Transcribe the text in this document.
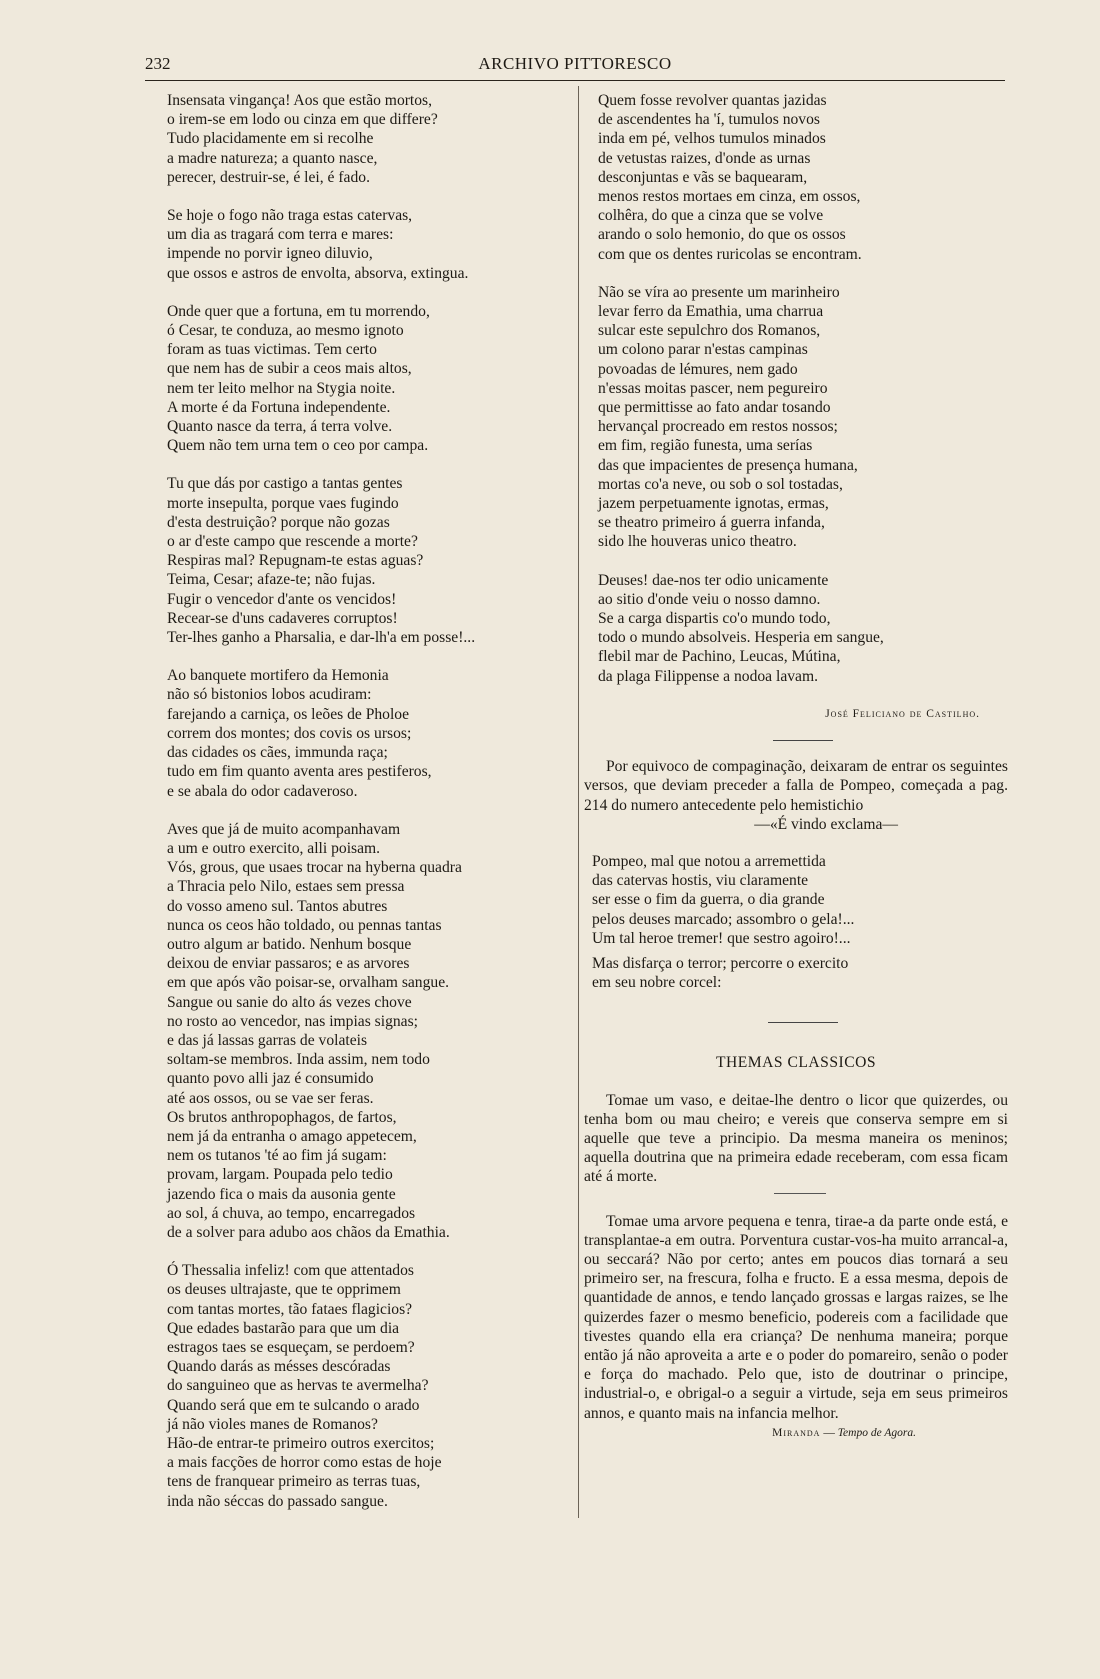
232	ARCHIVO PITTORESCO
Insensata vingança! Aos que estão mortos,
o irem-se em lodo ou cinza em que differe?
Tudo placidamente em si recolhe
a madre natureza; a quanto nasce,
perecer, destruir-se, é lei, é fado.
Se hoje o fogo não traga estas catervas,
um dia as tragará com terra e mares:
impende no porvir igneo diluvio,
que ossos e astros de envolta, absorva, extingua.
Onde quer que a fortuna, em tu morrendo,
ó Cesar, te conduza, ao mesmo ignoto
foram as tuas victimas. Tem certo
que nem has de subir a ceos mais altos,
nem ter leito melhor na Stygia noite.
A morte é da Fortuna independente.
Quanto nasce da terra, á terra volve.
Quem não tem urna tem o ceo por campa.
Tu que dás por castigo a tantas gentes
morte insepulta, porque vaes fugindo
d'esta destruição? porque não gozas
o ar d'este campo que rescende a morte?
Respiras mal? Repugnam-te estas aguas?
Teima, Cesar; afaze-te; não fujas.
Fugir o vencedor d'ante os vencidos!
Recear-se d'uns cadaveres corruptos!
Ter-lhes ganho a Pharsalia, e dar-lh'a em posse!...
Ao banquete mortifero da Hemonia
não só bistonios lobos acudiram:
farejando a carniça, os leões de Pholoe
correm dos montes; dos covis os ursos;
das cidades os cães, immunda raça;
tudo em fim quanto aventa ares pestiferos,
e se abala do odor cadaveroso.
Aves que já de muito acompanhavam
a um e outro exercito, alli poisam.
Vós, grous, que usaes trocar na hyberna quadra
a Thracia pelo Nilo, estaes sem pressa
do vosso ameno sul. Tantos abutres
nunca os ceos hão toldado, ou pennas tantas
outro algum ar batido. Nenhum bosque
deixou de enviar passaros; e as arvores
em que após vão poisar-se, orvalham sangue.
Sangue ou sanie do alto ás vezes chove
no rosto ao vencedor, nas impias signas;
e das já lassas garras de volateis
soltam-se membros. Inda assim, nem todo
quanto povo alli jaz é consumido
até aos ossos, ou se vae ser feras.
Os brutos anthropophagos, de fartos,
nem já da entranha o amago appetecem,
nem os tutanos 'té ao fim já sugam:
provam, largam. Poupada pelo tedio
jazendo fica o mais da ausonia gente
ao sol, á chuva, ao tempo, encarregados
de a solver para adubo aos chãos da Emathia.
Ó Thessalia infeliz! com que attentados
os deuses ultrajaste, que te opprimem
com tantas mortes, tão fataes flagicios?
Que edades bastarão para que um dia
estragos taes se esqueçam, se perdoem?
Quando darás as mésses descóradas
do sanguineo que as hervas te avermelha?
Quando será que em te sulcando o arado
já não violes manes de Romanos?
Hão-de entrar-te primeiro outros exercitos;
a mais facções de horror como estas de hoje
tens de franquear primeiro as terras tuas,
inda não séccas do passado sangue.
Quem fosse revolver quantas jazidas
de ascendentes ha 'í, tumulos novos
inda em pé, velhos tumulos minados
de vetustas raizes, d'onde as urnas
desconjuntas e vãs se baquearam,
menos restos mortaes em cinza, em ossos,
colhêra, do que a cinza que se volve
arando o solo hemonio, do que os ossos
com que os dentes ruricolas se encontram.
Não se víra ao presente um marinheiro
levar ferro da Emathia, uma charrua
sulcar este sepulchro dos Romanos,
um colono parar n'estas campinas
povoadas de lémures, nem gado
n'essas moitas pascer, nem pegureiro
que permittisse ao fato andar tosando
hervançal procreado em restos nossos;
em fim, região funesta, uma serías
das que impacientes de presença humana,
mortas co'a neve, ou sob o sol tostadas,
jazem perpetuamente ignotas, ermas,
se theatro primeiro á guerra infanda,
sido lhe houveras unico theatro.
Deuses! dae-nos ter odio unicamente
ao sitio d'onde veiu o nosso damno.
Se a carga dispartis co'o mundo todo,
todo o mundo absolveis. Hesperia em sangue,
flebil mar de Pachino, Leucas, Mútina,
da plaga Filippense a nodoa lavam.
José Feliciano de Castilho.

Por equivoco de compaginação, deixaram de entrar os seguintes versos, que deviam preceder a falla de Pompeo, começada a pag. 214 do numero antecedente pelo hemistichio

—«É vindo exclama—

Pompeo, mal que notou a arremettida
das catervas hostis, viu claramente
ser esse o fim da guerra, o dia grande
pelos deuses marcado; assombro o gela!...
Um tal heroe tremer! que sestro agoiro!...
Mas disfarça o terror; percorre o exercito
em seu nobre corcel:
THEMAS CLASSICOS

Tomae um vaso, e deitae-lhe dentro o licor que quizerdes, ou tenha bom ou mau cheiro; e vereis que conserva sempre em si aquelle que teve a principio. Da mesma maneira os meninos; aquella doutrina que na primeira edade receberam, com essa ficam até á morte.

Tomae uma arvore pequena e tenra, tirae-a da parte onde está, e transplantae-a em outra. Porventura custar-vos-ha muito arrancal-a, ou seccará? Não por certo; antes em poucos dias tornará a seu primeiro ser, na frescura, folha e fructo. E a essa mesma, depois de quantidade de annos, e tendo lançado grossas e largas raizes, se lhe quizerdes fazer o mesmo beneficio, podereis com a facilidade que tivestes quando ella era criança? De nenhuma maneira; porque então já não aproveita a arte e o poder do pomareiro, senão o poder e força do machado. Pelo que, isto de doutrinar o principe, industrial-o, e obrigal-o a seguir a virtude, seja em seus primeiros annos, e quanto mais na infancia melhor.

Miranda — Tempo de Agora.
